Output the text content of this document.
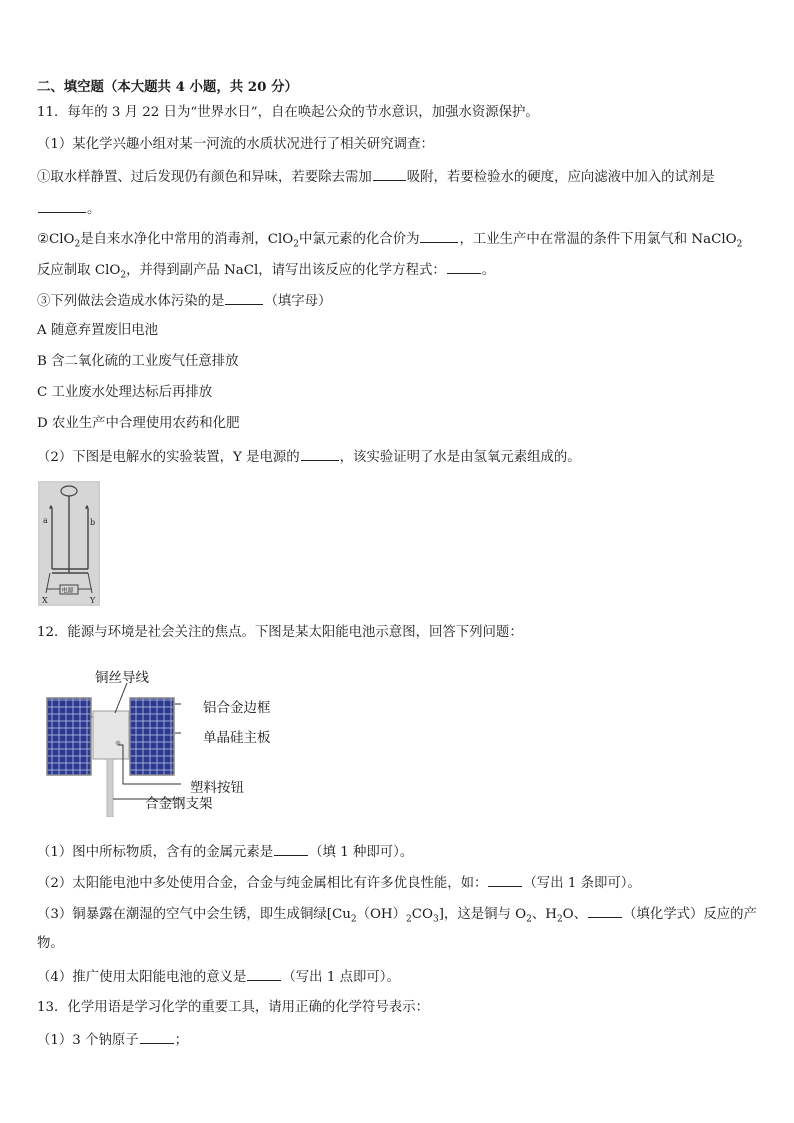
二、填空题（本大题共 4 小题，共 20 分）
11．每年的 3 月 22 日为“世界水日”，自在唤起公众的节水意识，加强水资源保护。
（1）某化学兴趣小组对某一河流的水质状况进行了相关研究调查：
①取水样静置、过后发现仍有颜色和异味，若要除去需加	吸附，若要检验水的硬度，应向滤液中加入的试剂是
。
②ClO$_2$是自来水净化中常用的消毒剂，ClO$_2$中氯元素的化合价为	，工业生产中在常温的条件下用氯气和 NaClO$_2$
反应制取 ClO$_2$，并得到副产品 NaCl，请写出该反应的化学方程式：	。
③下列做法会造成水体污染的是	（填字母）
A 随意弃置废旧电池
B 含二氧化硫的工业废气任意排放
C 工业废水处理达标后再排放
D 农业生产中合理使用农药和化肥
（2）下图是电解水的实验装置，Y 是电源的	，该实验证明了水是由氢氧元素组成的。
电源
a	b
X	Y
12．能源与环境是社会关注的焦点。下图是某太阳能电池示意图，回答下列问题：
铜丝导线
铝合金边框
单晶硅主板
塑料按钮
合金钢支架
（1）图中所标物质，含有的金属元素是	（填 1 种即可）。
（2）太阳能电池中多处使用合金，合金与纯金属相比有许多优良性能，如：	（写出 1 条即可）。
（3）铜暴露在潮湿的空气中会生锈，即生成铜绿$[Cu_2(OH)_2CO_3]$，这是铜与 $O_2$、$H_2O$、	（填化学式）反应的产
物。
（4）推广使用太阳能电池的意义是	（写出 1 点即可）。
13．化学用语是学习化学的重要工具，请用正确的化学符号表示：
（1）3 个钠原子	；
